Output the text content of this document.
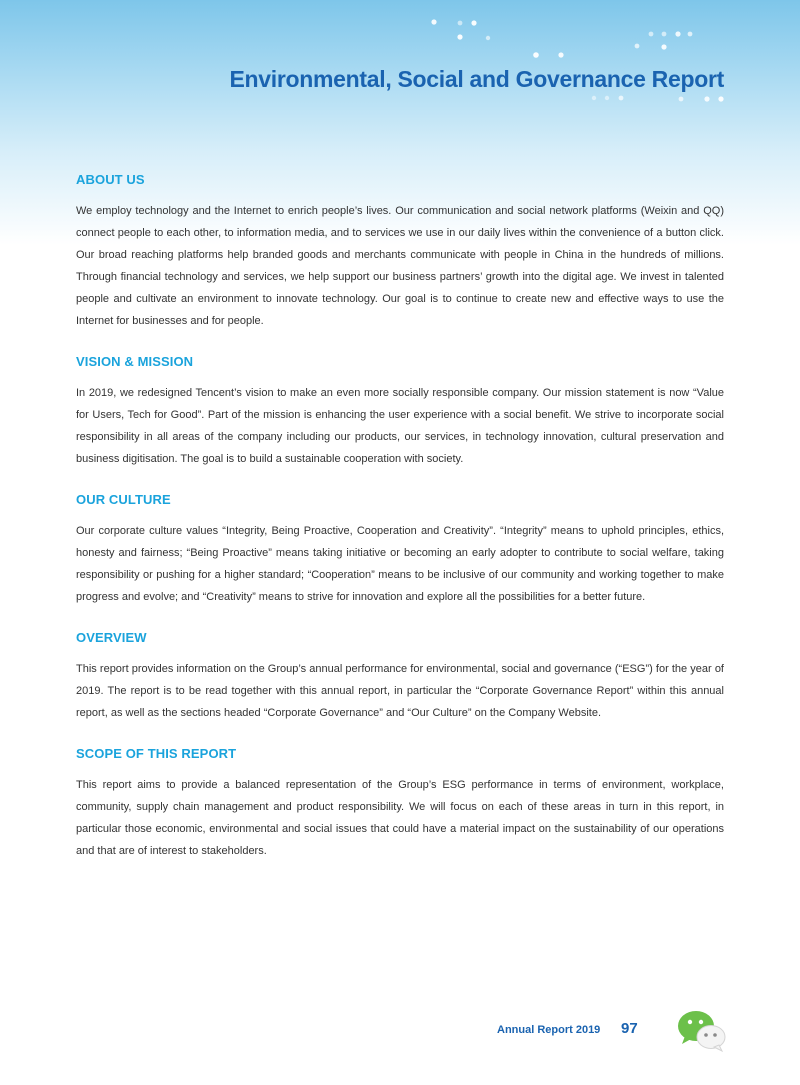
Environmental, Social and Governance Report
ABOUT US

We employ technology and the Internet to enrich people’s lives. Our communication and social network platforms (Weixin and QQ) connect people to each other, to information media, and to services we use in our daily lives within the convenience of a button click. Our broad reaching platforms help branded goods and merchants communicate with people in China in the hundreds of millions. Through financial technology and services, we help support our business partners’ growth into the digital age. We invest in talented people and cultivate an environment to innovate technology. Our goal is to continue to create new and effective ways to use the Internet for businesses and for people.

VISION & MISSION

In 2019, we redesigned Tencent’s vision to make an even more socially responsible company. Our mission statement is now “Value for Users, Tech for Good”. Part of the mission is enhancing the user experience with a social benefit. We strive to incorporate social responsibility in all areas of the company including our products, our services, in technology innovation, cultural preservation and business digitisation. The goal is to build a sustainable cooperation with society.

OUR CULTURE

Our corporate culture values “Integrity, Being Proactive, Cooperation and Creativity”. “Integrity” means to uphold principles, ethics, honesty and fairness; “Being Proactive” means taking initiative or becoming an early adopter to contribute to social welfare, taking responsibility or pushing for a higher standard; “Cooperation” means to be inclusive of our community and working together to make progress and evolve; and “Creativity” means to strive for innovation and explore all the possibilities for a better future.

OVERVIEW

This report provides information on the Group’s annual performance for environmental, social and governance (“ESG”) for the year of 2019. The report is to be read together with this annual report, in particular the “Corporate Governance Report” within this annual report, as well as the sections headed “Corporate Governance” and “Our Culture” on the Company Website.

SCOPE OF THIS REPORT

This report aims to provide a balanced representation of the Group’s ESG performance in terms of environment, workplace, community, supply chain management and product responsibility. We will focus on each of these areas in turn in this report, in particular those economic, environmental and social issues that could have a material impact on the sustainability of our operations and that are of interest to stakeholders.

Annual Report 2019 97
